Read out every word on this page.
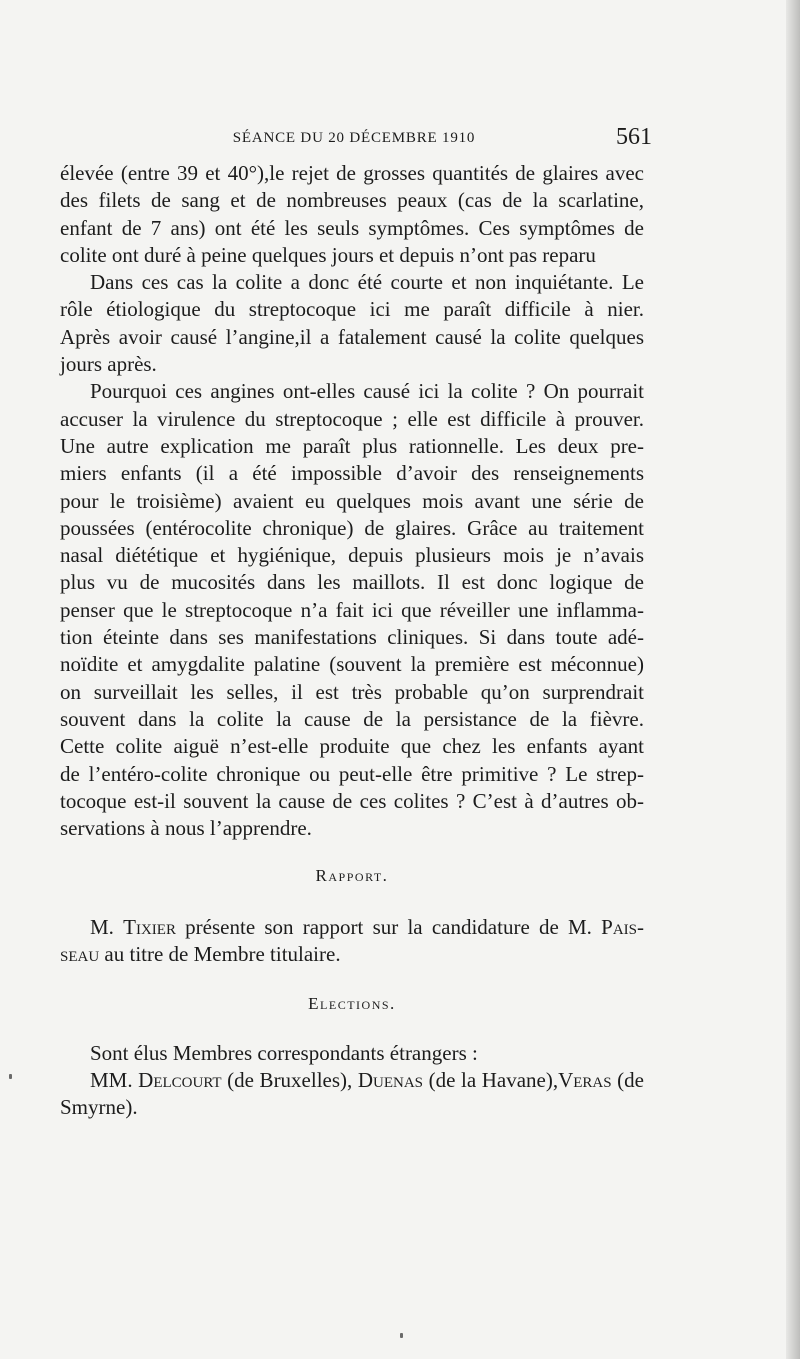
SÉANCE DU 20 DÉCEMBRE 1910	561
élevée (entre 39 et 40°),le rejet de grosses quantités de glaires avec
des filets de sang et de nombreuses peaux (cas de la scarlatine,
enfant de 7 ans) ont été les seuls symptômes. Ces symptômes de
colite ont duré à peine quelques jours et depuis n’ont pas reparu
Dans ces cas la colite a donc été courte et non inquiétante. Le
rôle étiologique du streptocoque ici me paraît difficile à nier.
Après avoir causé l’angine,il a fatalement causé la colite quelques
jours après.
Pourquoi ces angines ont-elles causé ici la colite ? On pourrait
accuser la virulence du streptocoque ; elle est difficile à prouver.
Une autre explication me paraît plus rationnelle. Les deux pre-
miers enfants (il a été impossible d’avoir des renseignements
pour le troisième) avaient eu quelques mois avant une série de
poussées (entérocolite chronique) de glaires. Grâce au traitement
nasal diététique et hygiénique, depuis plusieurs mois je n’avais
plus vu de mucosités dans les maillots. Il est donc logique de
penser que le streptocoque n’a fait ici que réveiller une inflamma-
tion éteinte dans ses manifestations cliniques. Si dans toute adé-
noïdite et amygdalite palatine (souvent la première est méconnue)
on surveillait les selles, il est très probable qu’on surprendrait
souvent dans la colite la cause de la persistance de la fièvre.
Cette colite aiguë n’est-elle produite que chez les enfants ayant
de l’entéro-colite chronique ou peut-elle être primitive ? Le strep-
tocoque est-il souvent la cause de ces colites ? C’est à d’autres ob-
servations à nous l’apprendre.
Rapport.
M. Tixier présente son rapport sur la candidature de M. Pais-
seau au titre de Membre titulaire.
Elections.
Sont élus Membres correspondants étrangers :
MM. Delcourt (de Bruxelles), Duenas (de la Havane),Veras (de
Smyrne).
